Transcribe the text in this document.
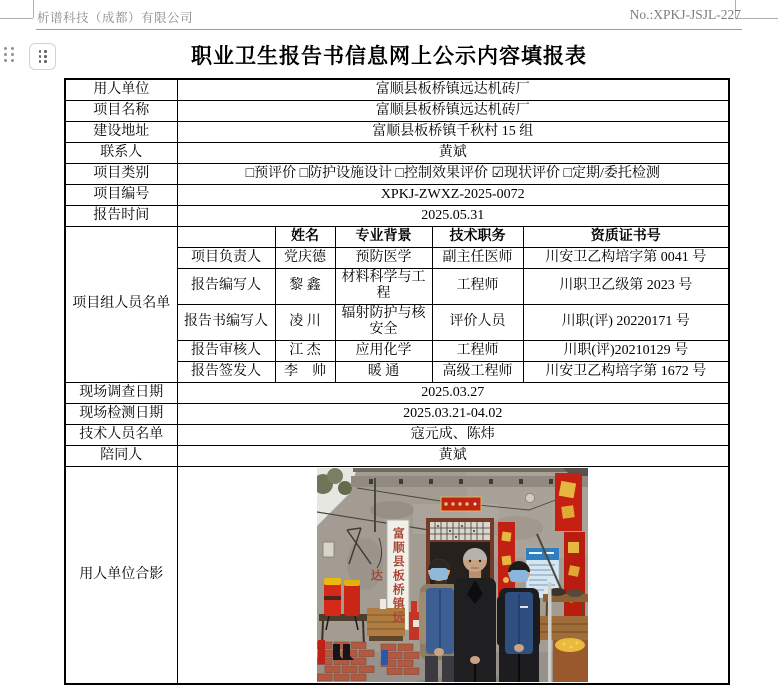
析谱科技（成都）有限公司	No.:XPKJ-JSJL-227
职业卫生报告书信息网上公示内容填报表
用人单位	富顺县板桥镇远达机砖厂				
项目名称	富顺县板桥镇远达机砖厂				
建设地址	富顺县板桥镇千秋村 15 组				
联系人	黄斌				
项目类别	□预评价 □防护设施设计 □控制效果评价 ☑现状评价 □定期/委托检测				
项目编号	XPKJ-ZWXZ-2025-0072				
报告时间	2025.05.31				
项目组人员名单		姓名	专业背景	技术职务	资质证书号
	项目负责人	党庆德	预防医学	副主任医师	川安卫乙构培字第 0041 号
	报告编写人	黎 鑫	材料科学与工程	工程师	川职卫乙级第 2023 号
	报告书编写人	凌 川	辐射防护与核安全	评价人员	川职(评) 20220171 号
	报告审核人	江 杰	应用化学	工程师	川职(评)20210129 号
	报告签发人	李　帅	暖 通	高级工程师	川安卫乙构培字第 1672 号
现场调查日期	2025.03.27				
现场检测日期	2025.03.21-04.02				
技术人员名单	寇元成、陈炜				
陪同人	黄斌				
用人单位合影	富顺县板桥镇远达				
